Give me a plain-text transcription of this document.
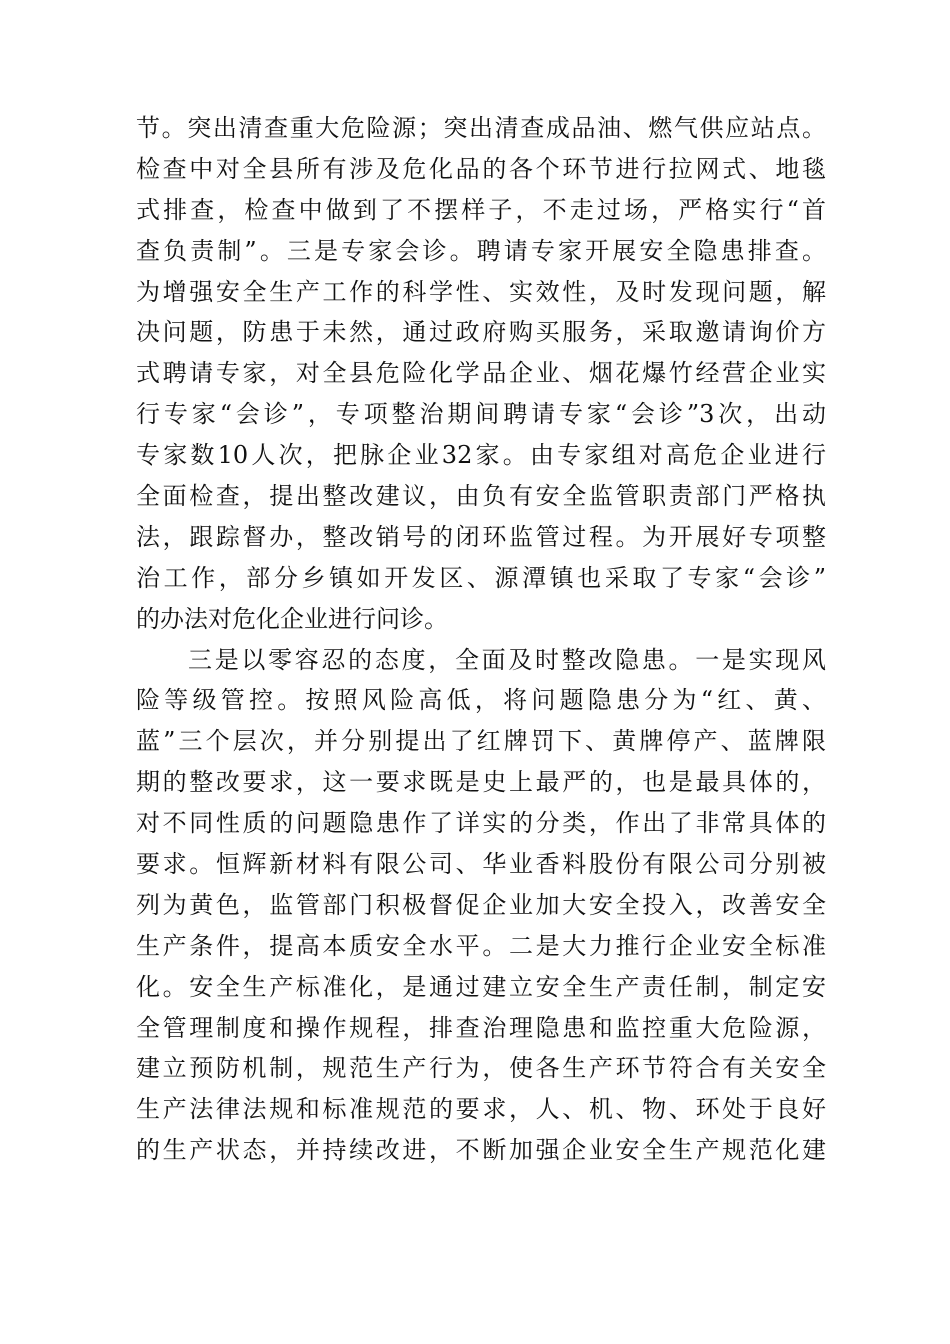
节。突出清查重大危险源；突出清查成品油、燃气供应站点。
检查中对全县所有涉及危化品的各个环节进行拉网式、地毯
式排查，检查中做到了不摆样子，不走过场，严格实行“首
查负责制”。三是专家会诊。聘请专家开展安全隐患排查。
为增强安全生产工作的科学性、实效性，及时发现问题，解
决问题，防患于未然，通过政府购买服务，采取邀请询价方
式聘请专家，对全县危险化学品企业、烟花爆竹经营企业实
行专家“会诊”，专项整治期间聘请专家“会诊”3次，出动
专家数10人次，把脉企业32家。由专家组对高危企业进行
全面检查，提出整改建议，由负有安全监管职责部门严格执
法，跟踪督办，整改销号的闭环监管过程。为开展好专项整
治工作，部分乡镇如开发区、源潭镇也采取了专家“会诊”
的办法对危化企业进行问诊。
三是以零容忍的态度，全面及时整改隐患。一是实现风
险等级管控。按照风险高低，将问题隐患分为“红、黄、
蓝”三个层次，并分别提出了红牌罚下、黄牌停产、蓝牌限
期的整改要求，这一要求既是史上最严的，也是最具体的，
对不同性质的问题隐患作了详实的分类，作出了非常具体的
要求。恒辉新材料有限公司、华业香料股份有限公司分别被
列为黄色，监管部门积极督促企业加大安全投入，改善安全
生产条件，提高本质安全水平。二是大力推行企业安全标准
化。安全生产标准化，是通过建立安全生产责任制，制定安
全管理制度和操作规程，排查治理隐患和监控重大危险源，
建立预防机制，规范生产行为，使各生产环节符合有关安全
生产法律法规和标准规范的要求，人、机、物、环处于良好
的生产状态，并持续改进，不断加强企业安全生产规范化建
